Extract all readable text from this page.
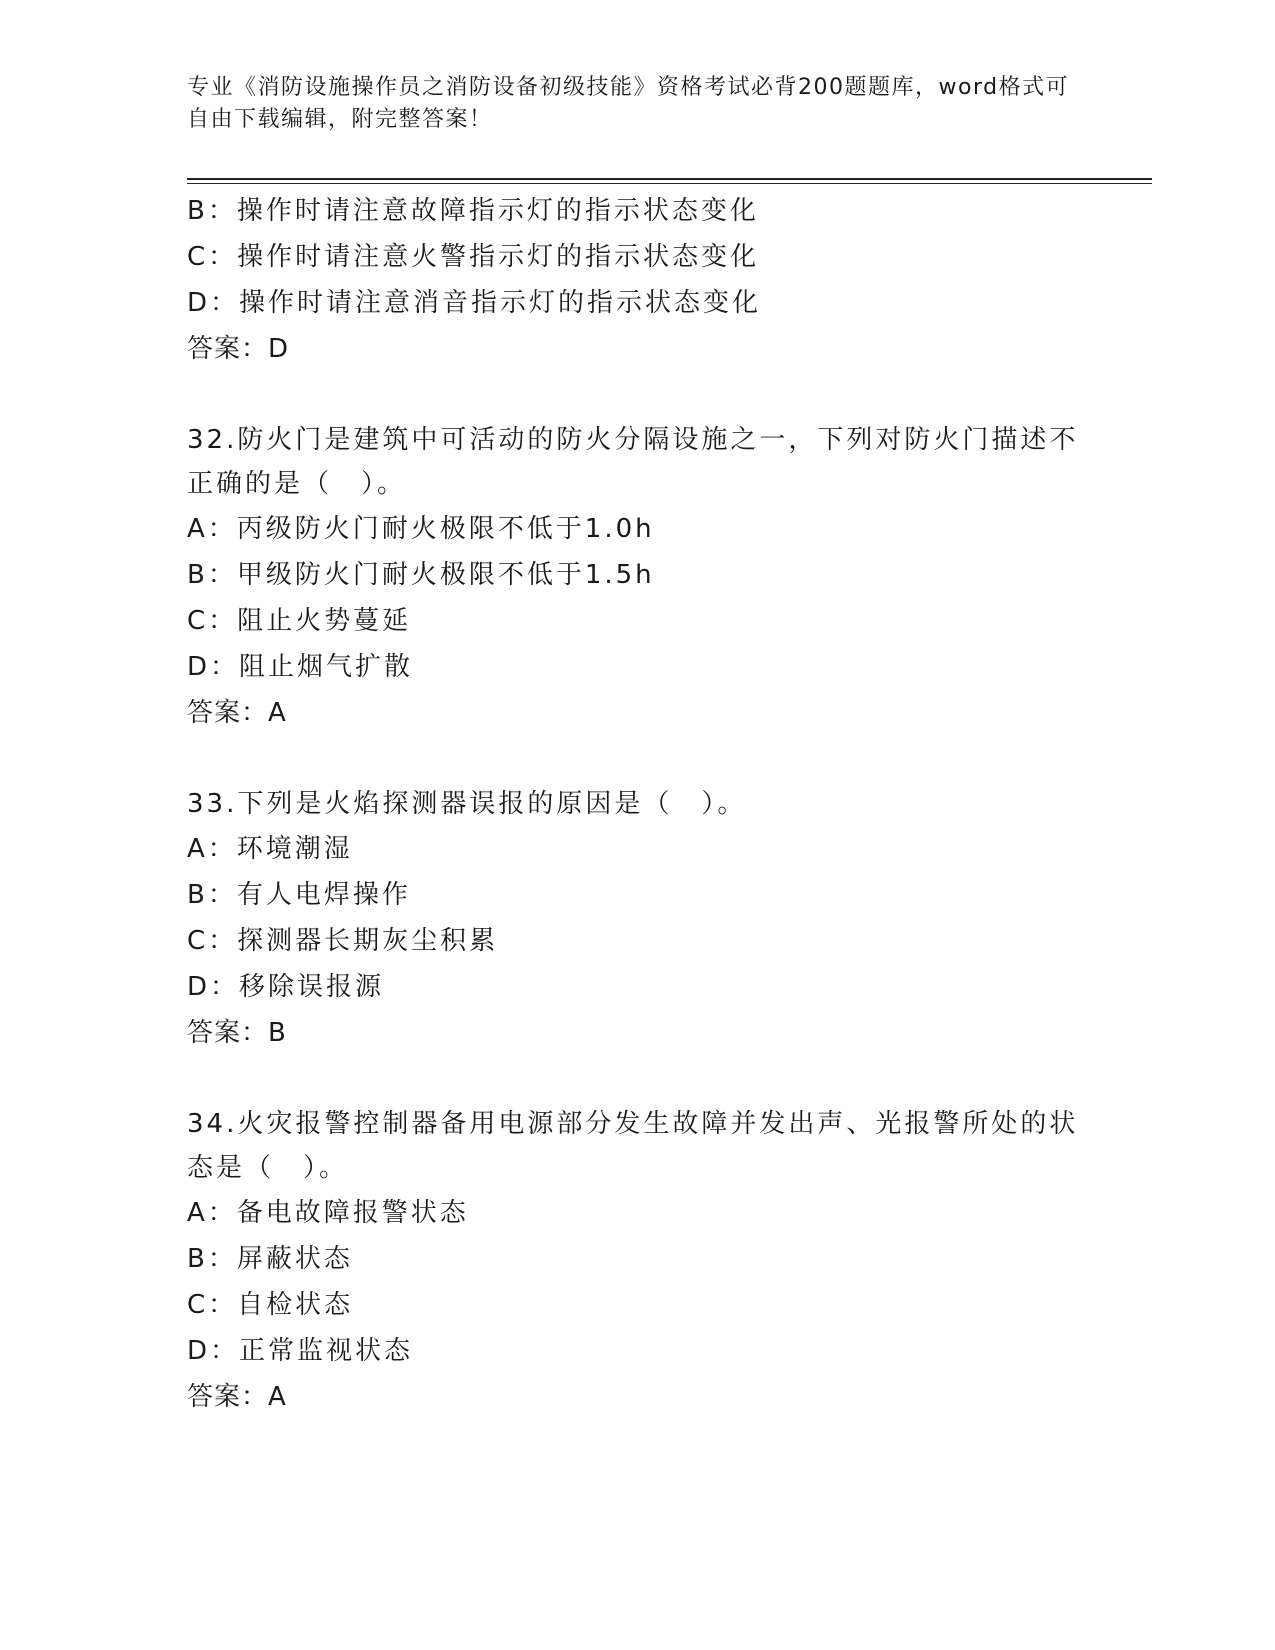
专业《消防设施操作员之消防设备初级技能》资格考试必背200题题库，word格式可自由下载编辑，附完整答案！
B：操作时请注意故障指示灯的指示状态变化
C：操作时请注意火警指示灯的指示状态变化
D：操作时请注意消音指示灯的指示状态变化
答案：D
32.防火门是建筑中可活动的防火分隔设施之一，下列对防火门描述不正确的是（　）。
A：丙级防火门耐火极限不低于1.0h
B：甲级防火门耐火极限不低于1.5h
C：阻止火势蔓延
D：阻止烟气扩散
答案：A
33.下列是火焰探测器误报的原因是（　）。
A：环境潮湿
B：有人电焊操作
C：探测器长期灰尘积累
D：移除误报源
答案：B
34.火灾报警控制器备用电源部分发生故障并发出声、光报警所处的状态是（　）。
A：备电故障报警状态
B：屏蔽状态
C：自检状态
D：正常监视状态
答案：A
